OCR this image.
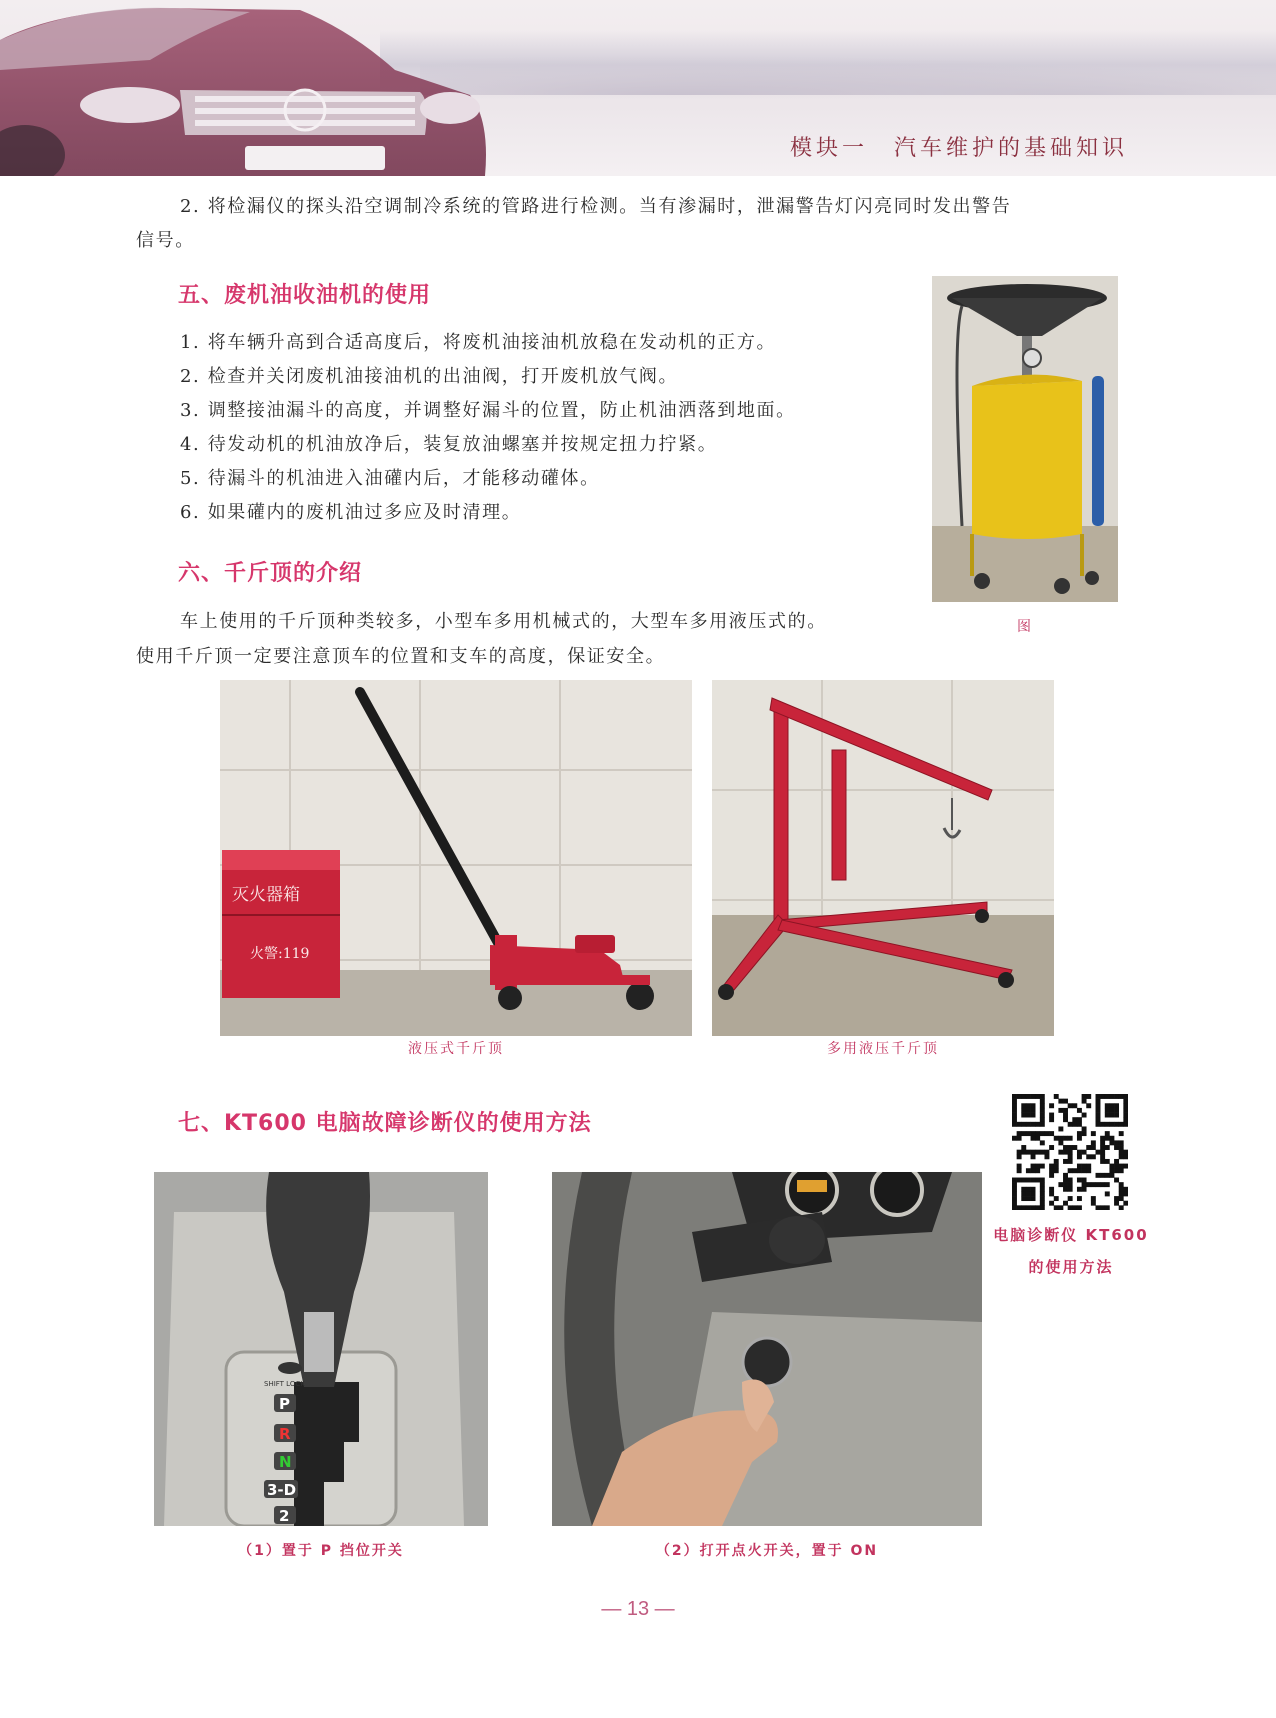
模块一　汽车维护的基础知识
2. 将检漏仪的探头沿空调制冷系统的管路进行检测。当有渗漏时，泄漏警告灯闪亮同时发出警告
信号。
五、废机油收油机的使用
1. 将车辆升高到合适高度后，将废机油接油机放稳在发动机的正方。
2. 检查并关闭废机油接油机的出油阀，打开废机放气阀。
3. 调整接油漏斗的高度，并调整好漏斗的位置，防止机油洒落到地面。
4. 待发动机的机油放净后，装复放油螺塞并按规定扭力拧紧。
5. 待漏斗的机油进入油礶内后，才能移动礶体。
6. 如果礶内的废机油过多应及时清理。
图
六、千斤顶的介绍
车上使用的千斤顶种类较多，小型车多用机械式的，大型车多用液压式的。
使用千斤顶一定要注意顶车的位置和支车的高度，保证安全。
灭火器箱
火警:119
液压式千斤顶	多用液压千斤顶
七、KT600 电脑故障诊断仪的使用方法
电脑诊断仪 KT600
的使用方法
SHIFT LOCK
P
R
N
3-D
2
（1）置于 P 挡位开关	（2）打开点火开关，置于 ON
— 13 —
